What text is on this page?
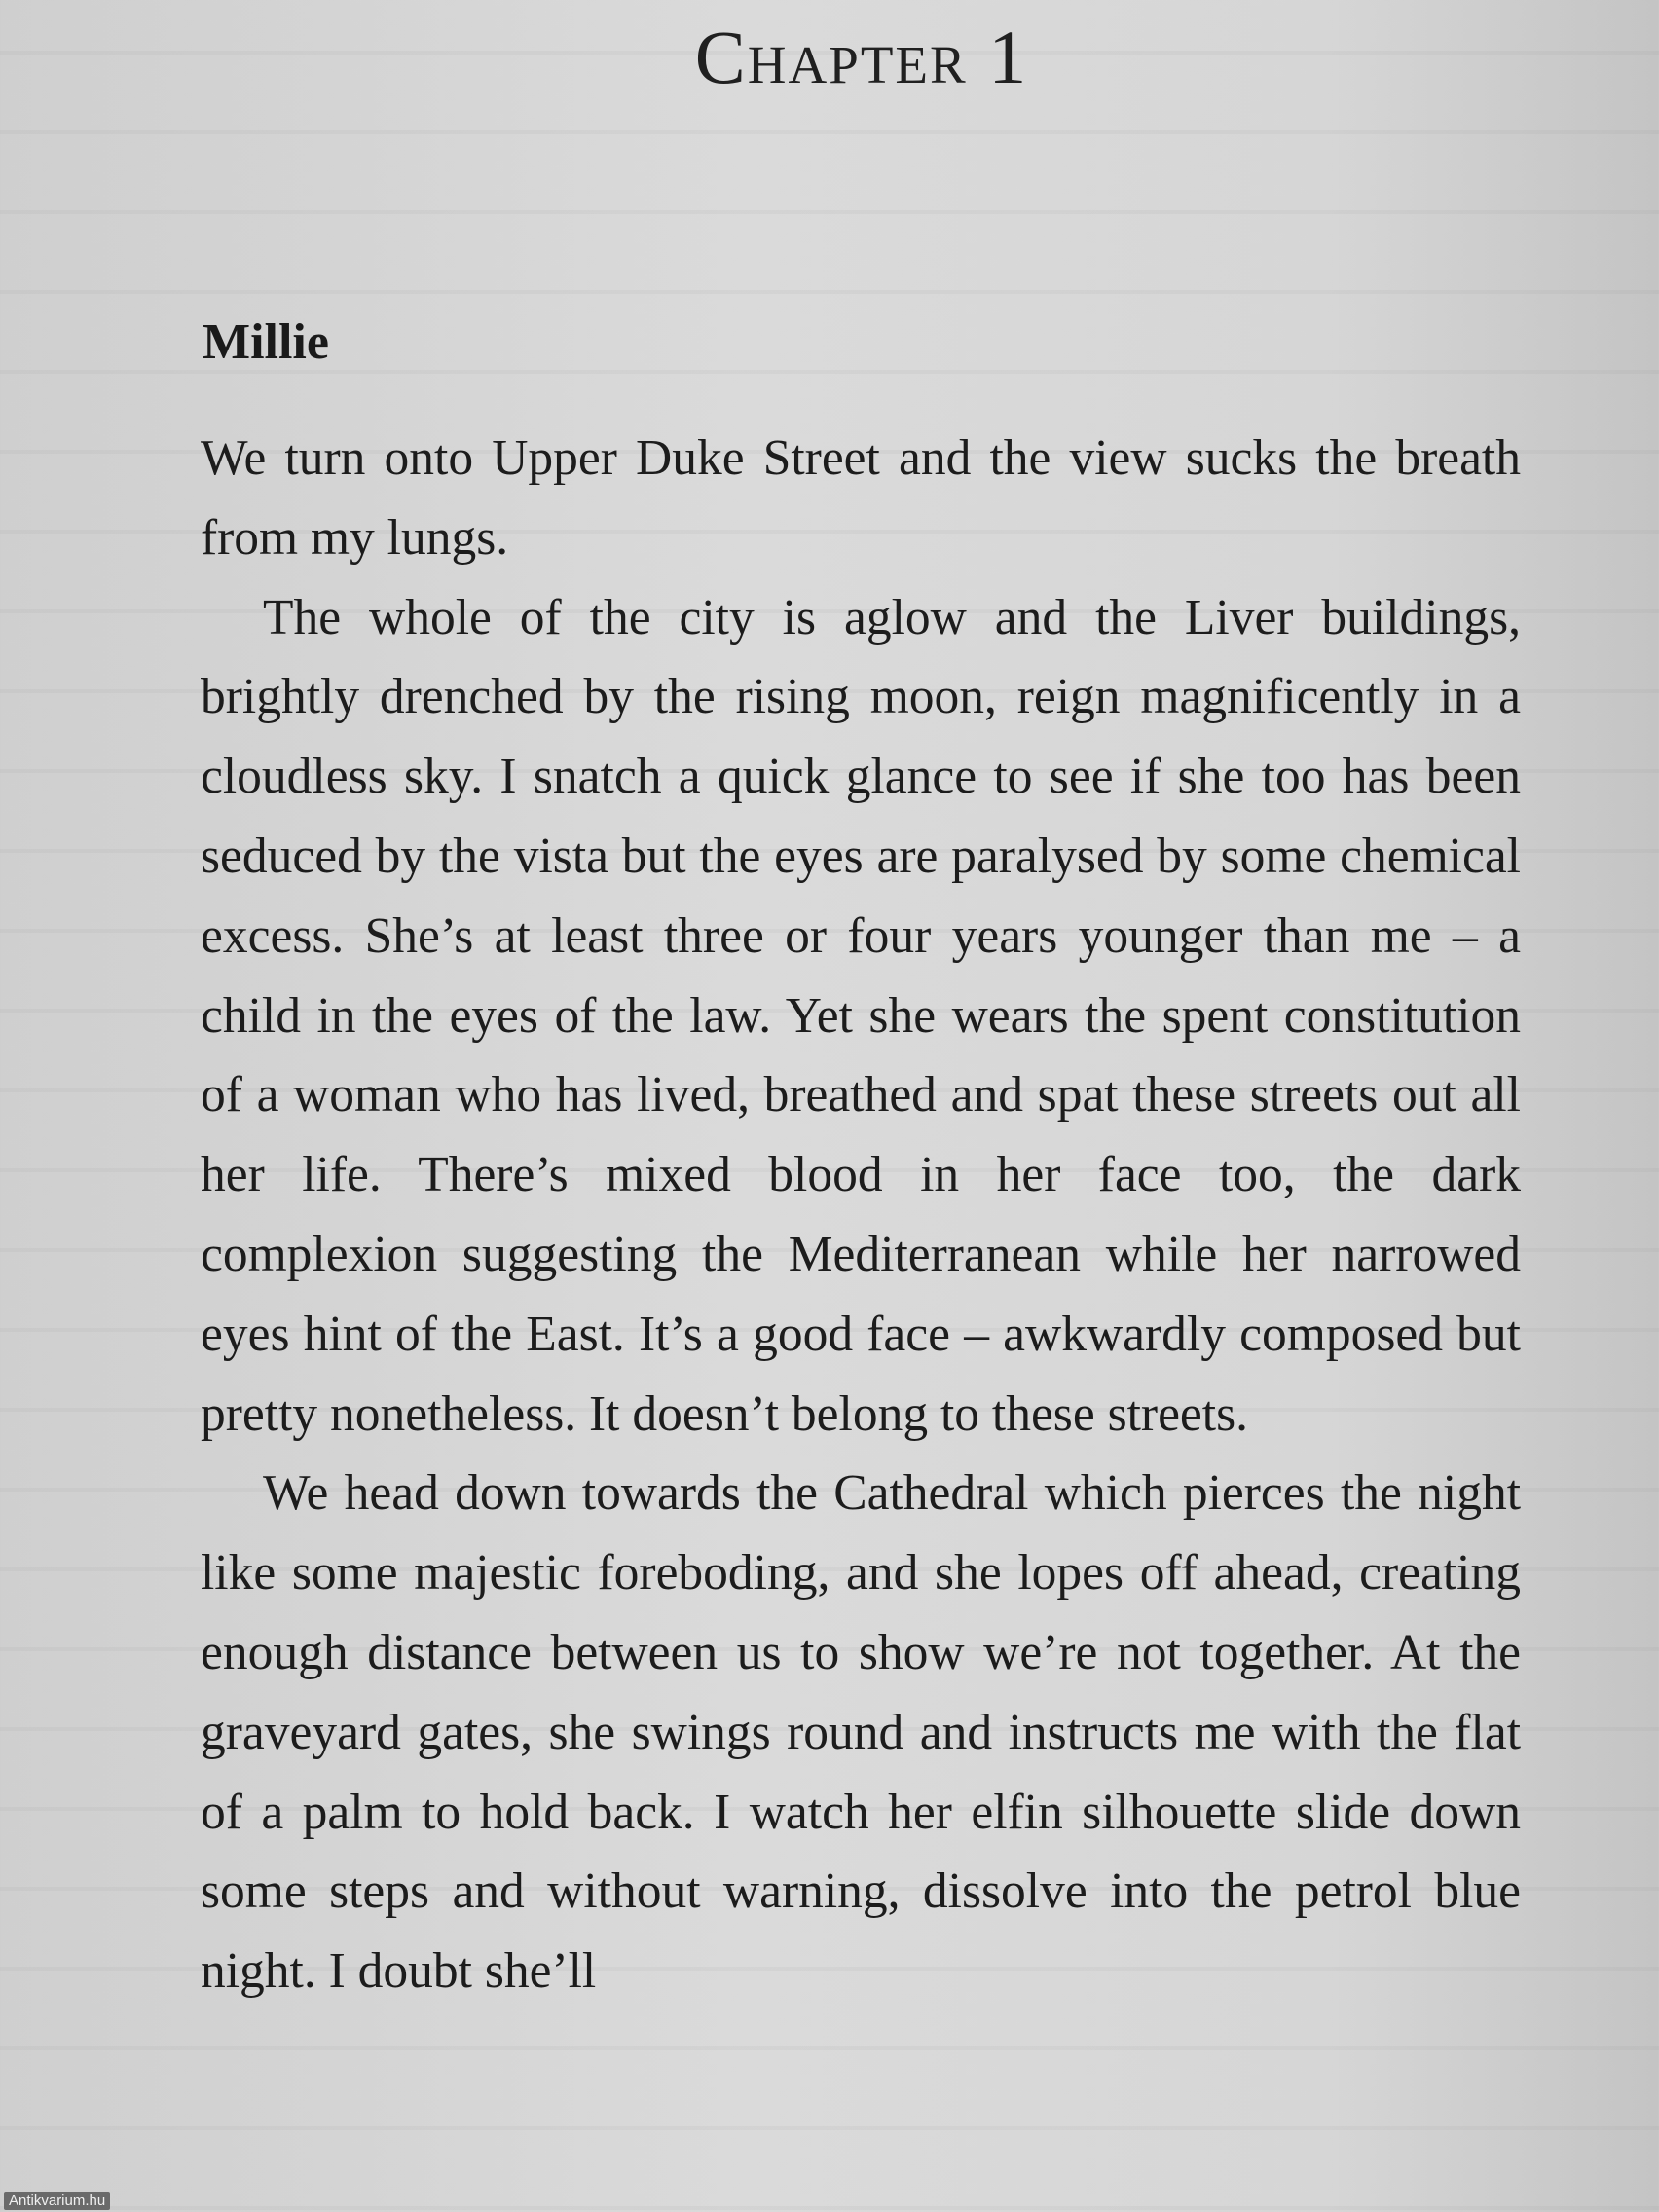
Chapter 1
Millie

We turn onto Upper Duke Street and the view sucks the breath from my lungs.

The whole of the city is aglow and the Liver buildings, brightly drenched by the rising moon, reign magnificently in a cloudless sky. I snatch a quick glance to see if she too has been seduced by the vista but the eyes are paralysed by some chemical excess. She’s at least three or four years younger than me – a child in the eyes of the law. Yet she wears the spent constitution of a woman who has lived, breathed and spat these streets out all her life. There’s mixed blood in her face too, the dark complexion suggesting the Mediterranean while her narrowed eyes hint of the East. It’s a good face – awkwardly composed but pretty nonetheless. It doesn’t belong to these streets.

We head down towards the Cathedral which pierces the night like some majestic foreboding, and she lopes off ahead, creating enough distance between us to show we’re not together. At the graveyard gates, she swings round and instructs me with the flat of a palm to hold back. I watch her elfin silhouette slide down some steps and without warning, dissolve into the petrol blue night. I doubt she’ll

Antikvarium.hu
